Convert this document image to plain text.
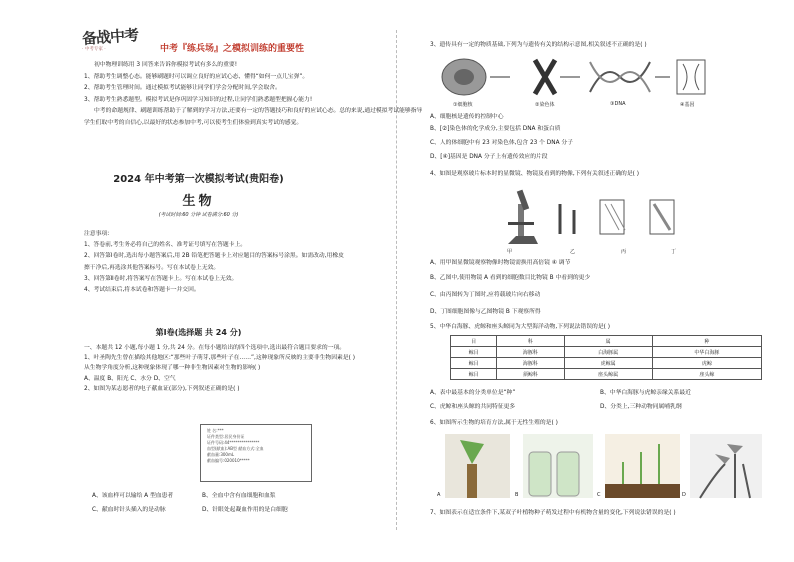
备战中考
· 中考专家 ·	中考『练兵场』之模拟训练的重要性
初中物理训练用 3 回答来告诉你模拟考试有多么的重要!
1、帮助考生调整心态。能够刷题时可以调立良好的应试心态、懂得“如何一点儿宝弹”。
2、帮助考生管理时间。通过模拟考试能够让同学们学会分配时间,学会取舍。
3、帮助考生熟悉题型。模拟考试是你巩固学习知识的过程,让同学们熟悉题型把握心能力!
中考的命题规律、刷题训练帮助于了解到的学习方法,还要有一定的答题技巧和良好的应试心态。总的来说,通过模拟考试能够指导
学生们取中考的自信心,以最好的状态参加中考,可以使考生们体验到真实考试的感觉。
2024 年中考第一次模拟考试(贵阳卷)
生物
(考试时间:60 分钟 试卷满分:60 分)
注意事项:
1、答卷前,考生务必将自己的姓名、准考证号填写在答题卡上。
2、回答第Ⅰ卷时,选出每小题答案后,用 2B 铅笔把答题卡上对应题目的答案标号涂黑。如需改动,用橡皮
擦干净后,再选涂其他答案标号。写在本试卷上无效。
3、回答第Ⅱ卷时,将答案写在答题卡上。写在本试卷上无效。
4、考试结束后,将本试卷和答题卡一并交回。
第Ⅰ卷(选择题 共 24 分)
一、本题共 12 小题,每小题 1 分,共 24 分。在每小题给出的四个选项中,选出最符合题目要求的一项。
1、叶圣陶先生曾在描绘其他地区:“那些叶子萌芽,那些叶子在……”,这种现象所反映的主要非生物因素是( )
从生物学角度分析,这种现象体现了哪一种非生物因素对生物的影响( )
A、温度 B、阳光 C、水分 D、空气
2、如图为某志愿者的电子献血证(部分),下列叙述正确的是( )
姓 名:***
证件类型:居民身份证
证件号码:44***************
血型(献血):AB型 献血方式:全血
献血量:300mL
献血编号:020010*****
A、该血样可以输给 A 型血患者	B、全血中含有血细胞和血浆
C、献血时针头插入的是动脉	D、针眼处起凝血作用的是白细胞
3、遗传具有一定的物质基础,下列为与遗传有关的结构示意图,相关叙述不正确的是( )
①细胞核	②染色体	③DNA	④基因
A、细胞核是遗传的控制中心
B、[②]染色体的化学成分,主要包括 DNA 和蛋白质
C、人的体细胞中有 23 对染色体,包含 23 个 DNA 分子
D、[④]基因是 DNA 分子上有遗传效应的片段
4、如图是观察玻片标本时的显微镜、物镜及看到的物像,下列有关叙述正确的是( )
甲	乙	丙	丁
A、用甲图显微镜观察物像时物镜需换用高倍镜 ④ 调节
B、乙图中,使用物镜 A 看到的细胞数目比物镜 B 中看到的更少
C、由丙图转为丁图时,应将载玻片向右移动
D、丁图细胞图像与乙图物镜 B 下观察所得
5、中华白海豚、虎鲸和座头鲸同为大型海洋动物,下列说法错误的是( )
目	科	属	种
鲸目	海豚科	白海豚属	中华白海豚
鲸目	海豚科	虎鲸属	虎鲸
鲸目	须鲸科	座头鲸属	座头鲸
A、表中最基本的分类单位是“种”	B、中华白海豚与虎鲸亲缘关系最近
C、虎鲸和座头鲸的共同特征更多	D、分类上,三种动物同属哺乳纲
6、如图所示生物的培育方法,属于无性生殖的是( )
A	B	C	D
7、如图表示在适宜条件下,某双子叶植物种子萌发过程中有机物含量的变化,下列说法错误的是( )
